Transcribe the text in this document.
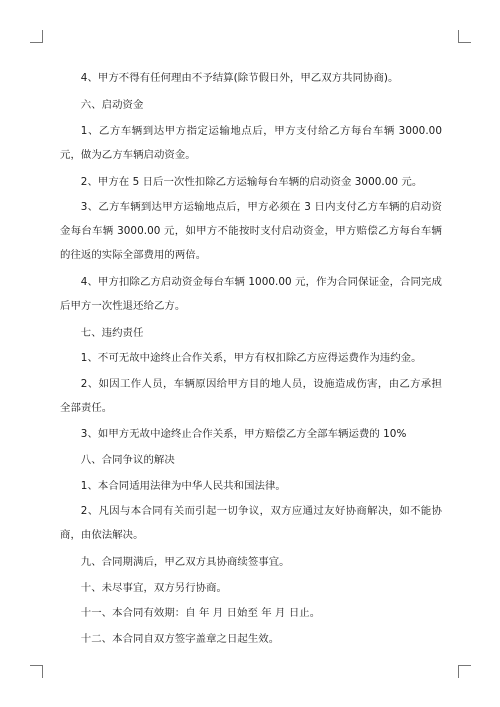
4、甲方不得有任何理由不予结算(除节假日外，甲乙双方共同协商)。
六、启动资金
1、乙方车辆到达甲方指定运输地点后，甲方支付给乙方每台车辆 3000.00 元，做为乙方车辆启动资金。
2、甲方在 5 日后一次性扣除乙方运输每台车辆的启动资金 3000.00 元。
3、乙方车辆到达甲方运输地点后，甲方必须在 3 日内支付乙方车辆的启动资金每台车辆 3000.00 元，如甲方不能按时支付启动资金，甲方赔偿乙方每台车辆的往返的实际全部费用的两倍。
4、甲方扣除乙方启动资金每台车辆 1000.00 元，作为合同保证金，合同完成后甲方一次性退还给乙方。
七、违约责任
1、不可无故中途终止合作关系，甲方有权扣除乙方应得运费作为违约金。
2、如因工作人员，车辆原因给甲方目的地人员，设施造成伤害，由乙方承担全部责任。
3、如甲方无故中途终止合作关系，甲方赔偿乙方全部车辆运费的 10%
八、合同争议的解决
1、本合同适用法律为中华人民共和国法律。
2、凡因与本合同有关而引起一切争议，双方应通过友好协商解决，如不能协商，由依法解决。
九、合同期满后，甲乙双方具协商续签事宜。
十、未尽事宜，双方另行协商。
十一、本合同有效期：自 年 月 日始至 年 月 日止。
十二、本合同自双方签字盖章之日起生效。
